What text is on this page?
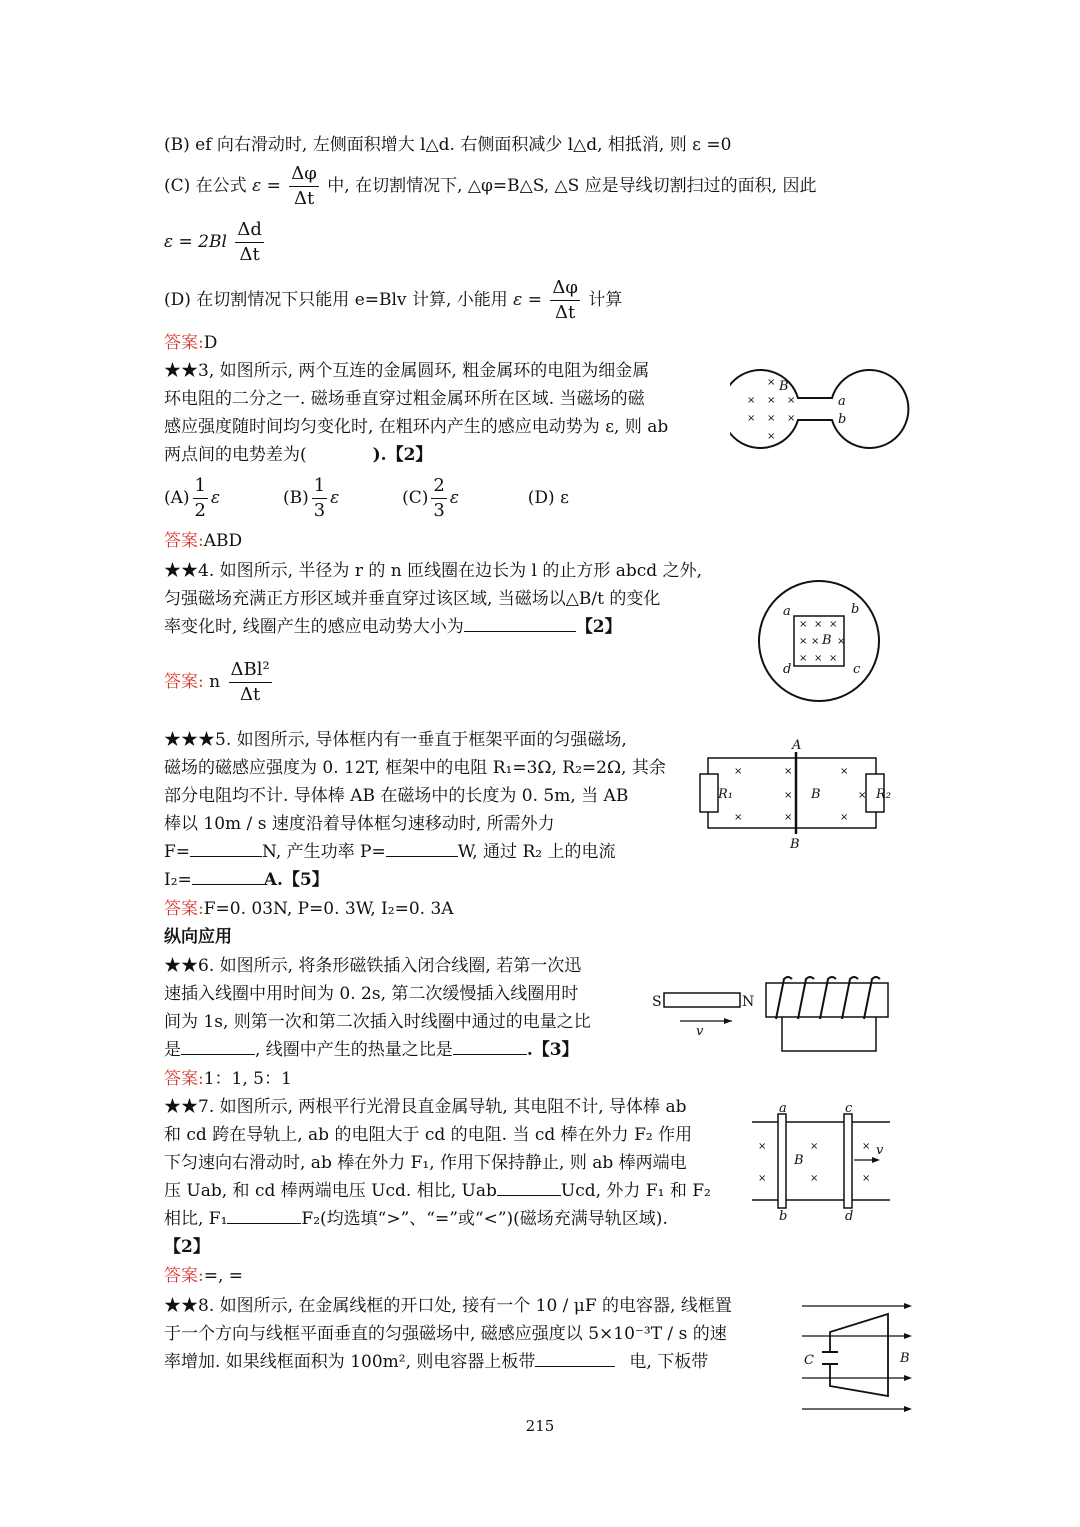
(B) ef 向右滑动时, 左侧面积增大 l△d. 右侧面积减少 l△d, 相抵消, 则 ε =0
(C) 在公式 $\varepsilon = \frac{\Delta\varphi}{\Delta t}$ 中, 在切割情况下, △φ=B△S, △S 应是导线切割扫过的面积, 因此
$\varepsilon = 2Bl \frac{\Delta d}{\Delta t}$
(D) 在切割情况下只能用 e=Blv 计算, 小能用 $\varepsilon = \frac{\Delta\varphi}{\Delta t}$ 计算
答案:D
★★3, 如图所示, 两个互连的金属圆环, 粗金属环的电阻为细金属
环电阻的二分之一. 磁场垂直穿过粗金属环所在区域. 当磁场的磁
感应强度随时间均匀变化时, 在粗环内产生的感应电动势为 ε, 则 ab
两点间的电势差为(	).【2】
$(A) \frac{1}{2}$ ε	$(B) \frac{1}{3}$ ε	$(C) \frac{2}{3}$ ε	(D) ε
答案:ABD
×
× × ×
× × ×
×
B
a
b
★★4. 如图所示, 半径为 r 的 n 匝线圈在边长为 l 的止方形 abcd 之外,
匀强磁场充满正方形区域并垂直穿过该区域, 当磁场以△B/t 的变化
率变化时, 线圈产生的感应电动势大小为	【2】
答案: n $\frac{\text{ΔBl²}}{\Delta t}$
× × ×
× × ×
× × ×
B
a	b
c
d
★★★5. 如图所示, 导体框内有一垂直于框架平面的匀强磁场,
磁场的磁感应强度为 0. 12T, 框架中的电阻 R₁=3Ω, R₂=2Ω, 其余
部分电阻均不计. 导体棒 AB 在磁场中的长度为 0. 5m, 当 AB
棒以 10m / s 速度沿着导体框匀速移动时, 所需外力
F=	N, 产生功率 P=	W, 通过 R₂ 上的电流
I₂=	A.【5】
答案:F=0. 03N, P=0. 3W, I₂=0. 3A
×	×	×
×	×
×	×	×
A
B
B
R₁	R₂
纵向应用
★★6. 如图所示, 将条形磁铁插入闭合线圈, 若第一次迅
速插入线圈中用时间为 0. 2s, 第二次缓慢插入线圈用时
间为 1s, 则第一次和第二次插入时线圈中通过的电量之比
是	, 线圈中产生的热量之比是	.【3】
答案:1：1, 5：1
S	N
v
★★7. 如图所示, 两根平行光滑艮直金属导轨, 其电阻不计, 导体棒 ab
和 cd 跨在导轨上, ab 的电阻大于 cd 的电阻. 当 cd 棒在外力 F₂ 作用
下匀速向右滑动时, ab 棒在外力 F₁, 作用下保持静止, 则 ab 棒两端电
压 Uab, 和 cd 棒两端电压 Ucd. 相比, Uab	Ucd, 外力 F₁ 和 F₂
相比, F₁	F₂(均选填“>”、“=”或“<”)(磁场充满导轨区域).
【2】
答案:=, =
×	×	×
×	×	×
a
b
c
d
B
v
★★8. 如图所示, 在金属线框的开口处, 接有一个 10 / μF 的电容器, 线框置
于一个方向与线框平面垂直的匀强磁场中, 磁感应强度以 5×10⁻³T / s 的速
率增加. 如果线框面积为 100m², 则电容器上板带	电, 下板带	C	B
215
